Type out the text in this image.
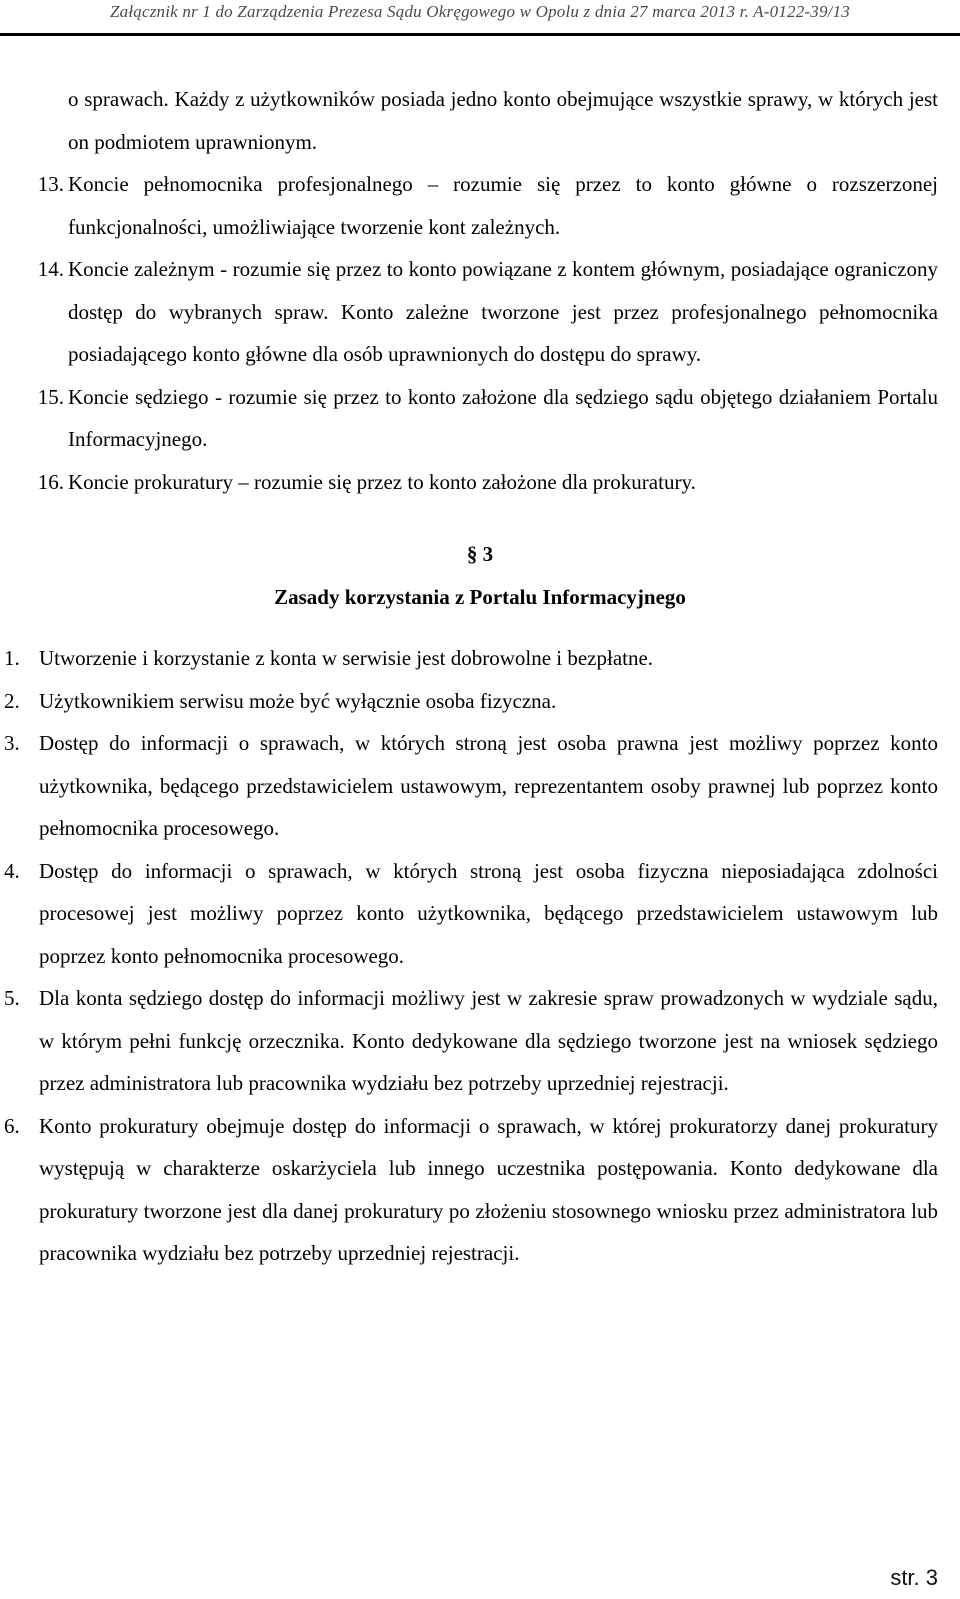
Załącznik nr 1 do Zarządzenia Prezesa Sądu Okręgowego w Opolu z dnia 27 marca 2013 r. A-0122-39/13
o sprawach. Każdy z użytkowników posiada jedno konto obejmujące wszystkie sprawy, w których jest on podmiotem uprawnionym.
13. Koncie pełnomocnika profesjonalnego – rozumie się przez to konto główne o rozszerzonej funkcjonalności, umożliwiające tworzenie kont zależnych.
14. Koncie zależnym - rozumie się przez to konto powiązane z kontem głównym, posiadające ograniczony dostęp do wybranych spraw. Konto zależne tworzone jest przez profesjonalnego pełnomocnika posiadającego konto główne dla osób uprawnionych do dostępu do sprawy.
15. Koncie sędziego - rozumie się przez to konto założone dla sędziego sądu objętego działaniem Portalu Informacyjnego.
16. Koncie prokuratury – rozumie się przez to konto założone dla prokuratury.
§ 3
Zasady korzystania z Portalu Informacyjnego
1. Utworzenie i korzystanie z konta w serwisie jest dobrowolne i bezpłatne.
2. Użytkownikiem serwisu może być wyłącznie osoba fizyczna.
3. Dostęp do informacji o sprawach, w których stroną jest osoba prawna jest możliwy poprzez konto użytkownika, będącego przedstawicielem ustawowym, reprezentantem osoby prawnej lub poprzez konto pełnomocnika procesowego.
4. Dostęp do informacji o sprawach, w których stroną jest osoba fizyczna nieposiadająca zdolności procesowej jest możliwy poprzez konto użytkownika, będącego przedstawicielem ustawowym lub poprzez konto pełnomocnika procesowego.
5. Dla konta sędziego dostęp do informacji możliwy jest w zakresie spraw prowadzonych w wydziale sądu, w którym pełni funkcję orzecznika. Konto dedykowane dla sędziego tworzone jest na wniosek sędziego przez administratora lub pracownika wydziału bez potrzeby uprzedniej rejestracji.
6. Konto prokuratury obejmuje dostęp do informacji o sprawach, w której prokuratorzy danej prokuratury występują w charakterze oskarżyciela lub innego uczestnika postępowania. Konto dedykowane dla prokuratury tworzone jest dla danej prokuratury po złożeniu stosownego wniosku przez administratora lub pracownika wydziału bez potrzeby uprzedniej rejestracji.
str. 3
